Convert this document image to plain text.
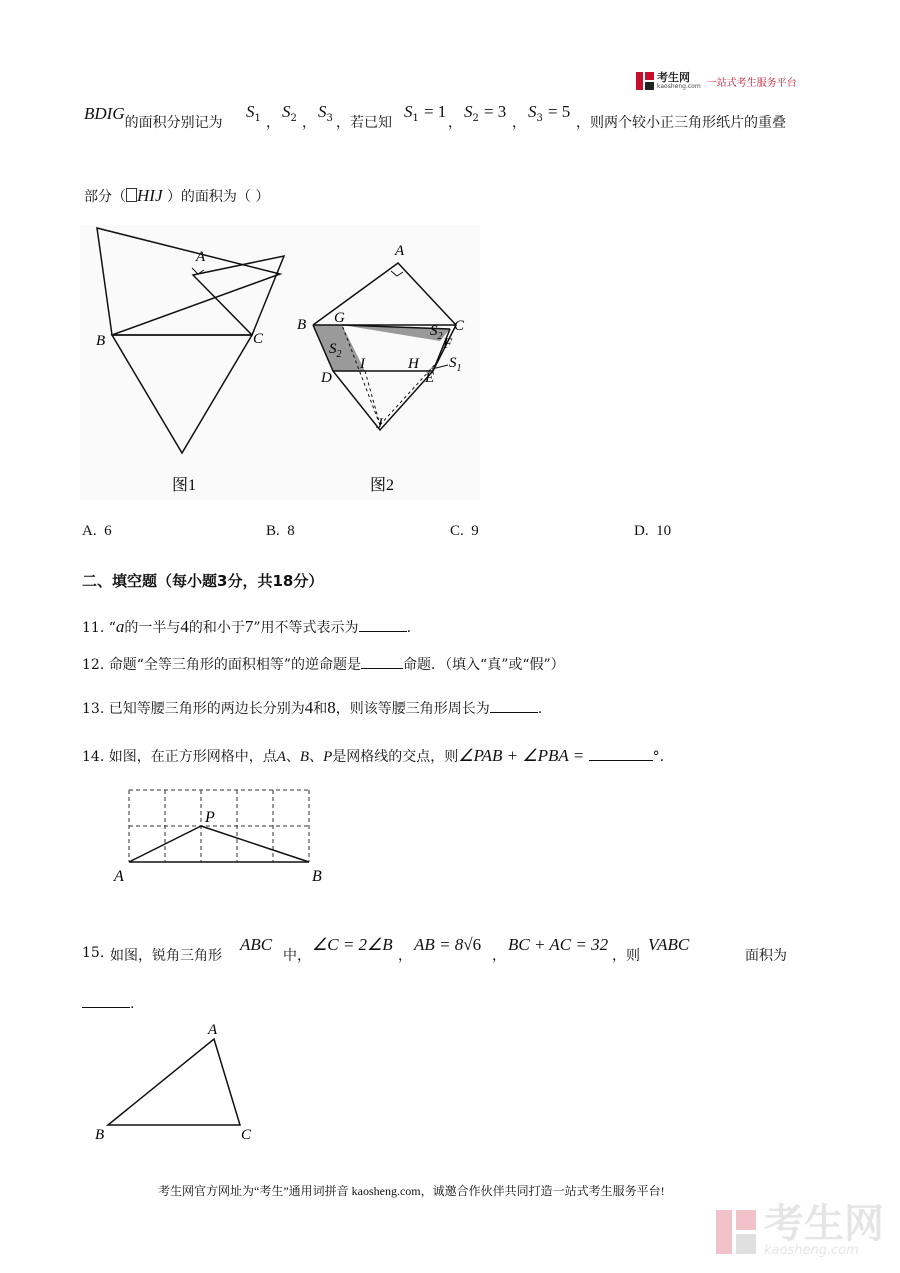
考生网
kaosheng.com 一站式考生服务平台
BDIG的面积分别记为
$S_1$ ，
$S_2$ ，
$S_3$ ，若已知
$S_1 = 1$
，
$S_2 = 3$
，
$S_3 = 5$
，则两个较小正三角形纸片的重叠
部分（ HIJ ）的面积为（ ）
A
B	C
图1
A
B	C
G
D
I	H
E
F
J
$S_2$
$S_2$
$S_1$
图2
A. 6	B. 8	C. 9	D. 10
二、填空题（每小题3分，共18分）
11. “a的一半与4的和小于7”用不等式表示为	.
12. 命题“全等三角形的面积相等”的逆命题是	命题．（填入“真”或“假”）
13. 已知等腰三角形的两边长分别为4和8，则该等腰三角形周长为	.
14. 如图，在正方形网格中，点A、B、P是网格线的交点，则∠PAB + ∠PBA =	°.
A	B
P
15. 如图，锐角三角形
ABC
中，
∠C = 2∠B
，
AB = 8√6
，
BC + AC = 32
，则
VABC
面积为
.
A
B	C
考生网官方网址为“考生”通用词拼音 kaosheng.com，诚邀合作伙伴共同打造一站式考生服务平台!
考生网
kaosheng.com
